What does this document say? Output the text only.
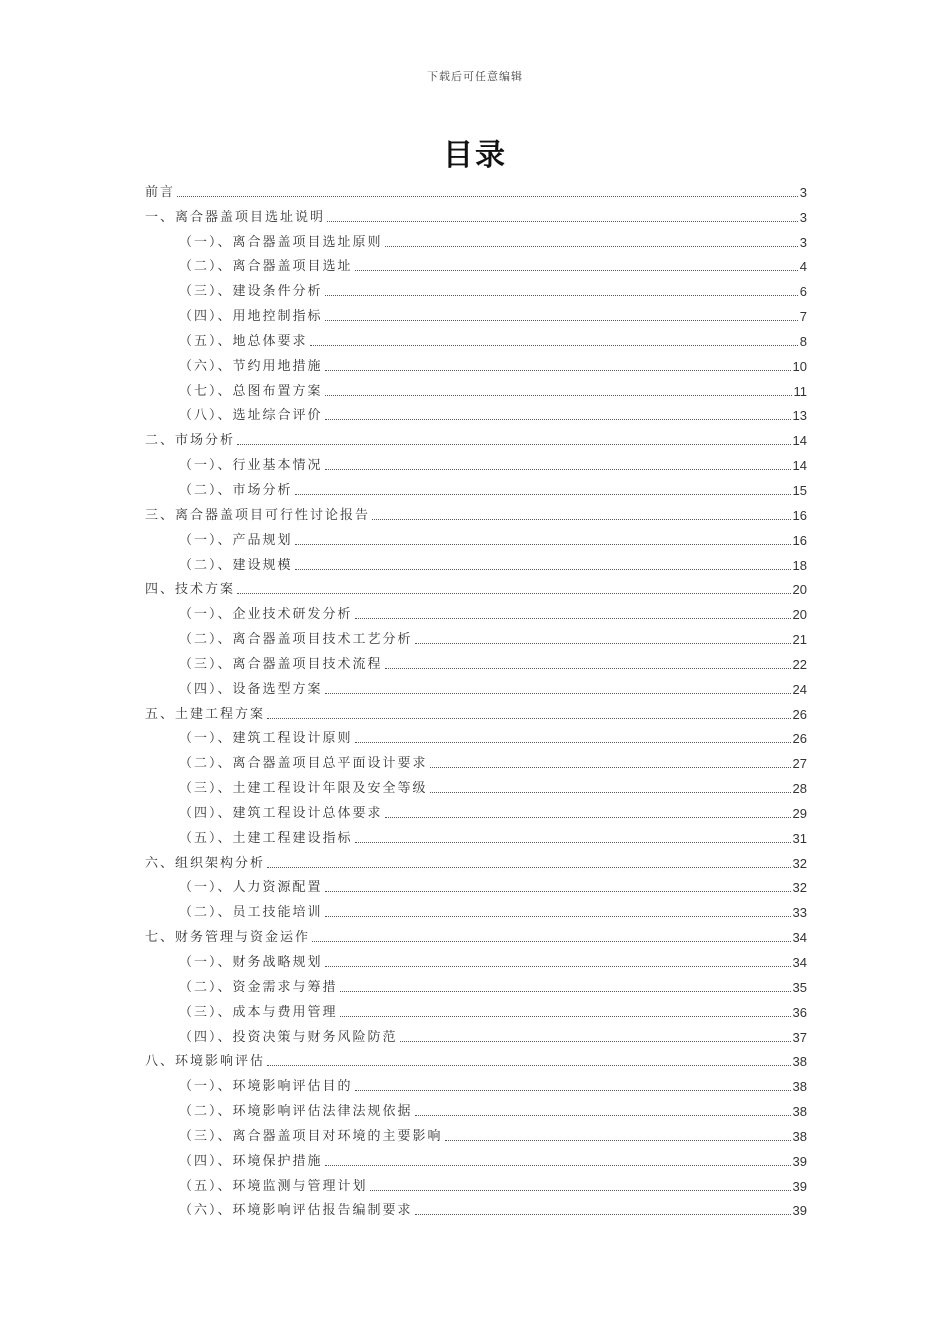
下载后可任意编辑
目录
前言	3
一、离合器盖项目选址说明	3
（一）、离合器盖项目选址原则	3
（二）、离合器盖项目选址	4
（三）、建设条件分析	6
（四）、用地控制指标	7
（五）、地总体要求	8
（六）、节约用地措施	10
（七）、总图布置方案	11
（八）、选址综合评价	13
二、市场分析	14
（一）、行业基本情况	14
（二）、市场分析	15
三、离合器盖项目可行性讨论报告	16
（一）、产品规划	16
（二）、建设规模	18
四、技术方案	20
（一）、企业技术研发分析	20
（二）、离合器盖项目技术工艺分析	21
（三）、离合器盖项目技术流程	22
（四）、设备选型方案	24
五、土建工程方案	26
（一）、建筑工程设计原则	26
（二）、离合器盖项目总平面设计要求	27
（三）、土建工程设计年限及安全等级	28
（四）、建筑工程设计总体要求	29
（五）、土建工程建设指标	31
六、组织架构分析	32
（一）、人力资源配置	32
（二）、员工技能培训	33
七、财务管理与资金运作	34
（一）、财务战略规划	34
（二）、资金需求与筹措	35
（三）、成本与费用管理	36
（四）、投资决策与财务风险防范	37
八、环境影响评估	38
（一）、环境影响评估目的	38
（二）、环境影响评估法律法规依据	38
（三）、离合器盖项目对环境的主要影响	38
（四）、环境保护措施	39
（五）、环境监测与管理计划	39
（六）、环境影响评估报告编制要求	39
